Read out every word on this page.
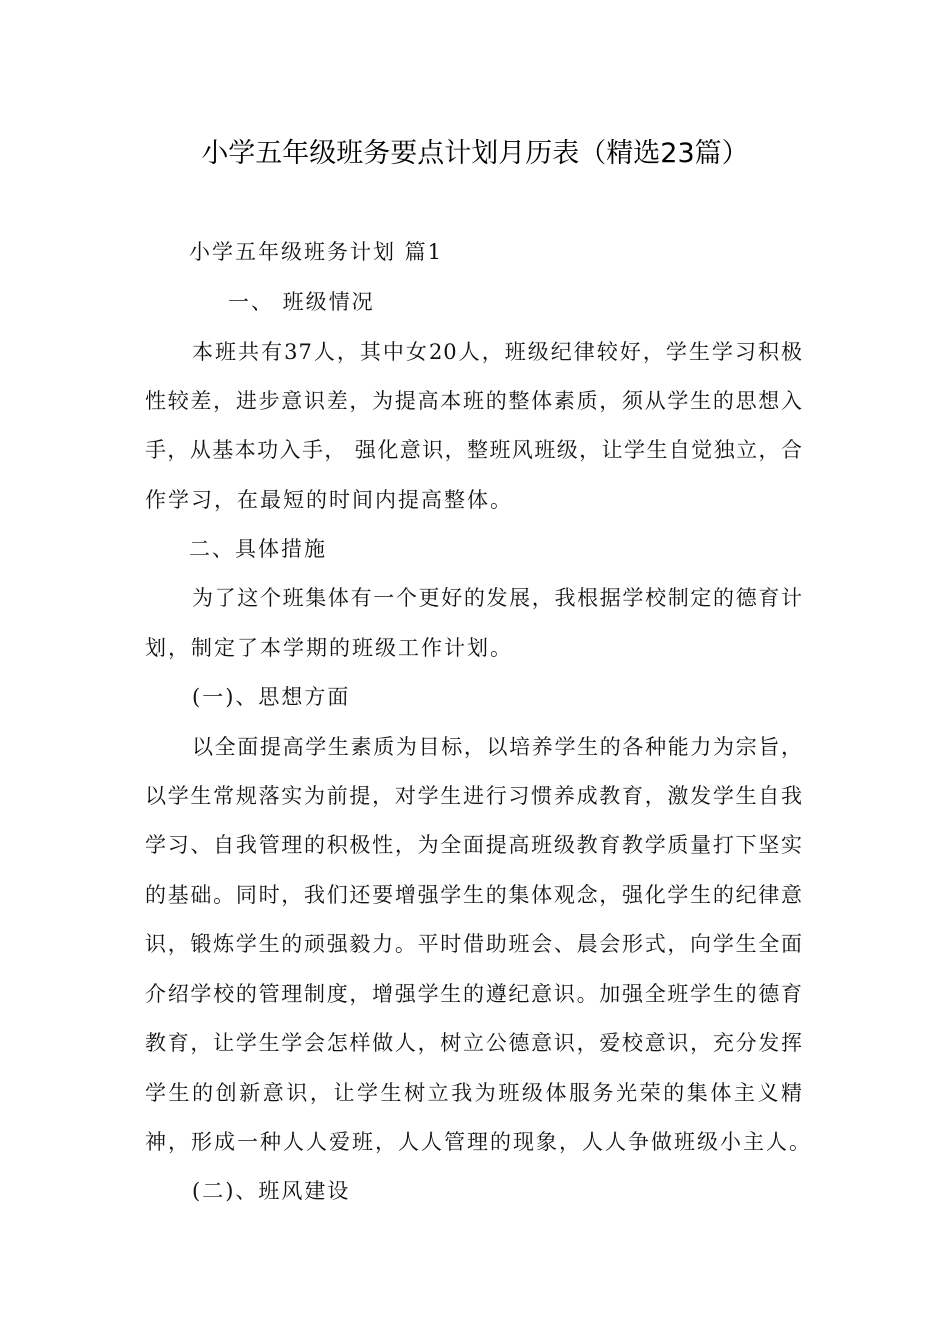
小学五年级班务要点计划月历表（精选23篇）
小学五年级班务计划 篇1
一、 班级情况
本班共有37人，其中女20人，班级纪律较好，学生学习积极
性较差，进步意识差，为提高本班的整体素质，须从学生的思想入
手，从基本功入手， 强化意识，整班风班级，让学生自觉独立，合
作学习，在最短的时间内提高整体。
二、具体措施
为了这个班集体有一个更好的发展，我根据学校制定的德育计
划，制定了本学期的班级工作计划。
(一)、思想方面
以全面提高学生素质为目标，以培养学生的各种能力为宗旨，
以学生常规落实为前提，对学生进行习惯养成教育，激发学生自我
学习、自我管理的积极性，为全面提高班级教育教学质量打下坚实
的基础。同时，我们还要增强学生的集体观念，强化学生的纪律意
识，锻炼学生的顽强毅力。平时借助班会、晨会形式，向学生全面
介绍学校的管理制度，增强学生的遵纪意识。加强全班学生的德育
教育，让学生学会怎样做人，树立公德意识，爱校意识，充分发挥
学生的创新意识，让学生树立我为班级体服务光荣的集体主义精
神，形成一种人人爱班，人人管理的现象，人人争做班级小主人。
(二)、班风建设
